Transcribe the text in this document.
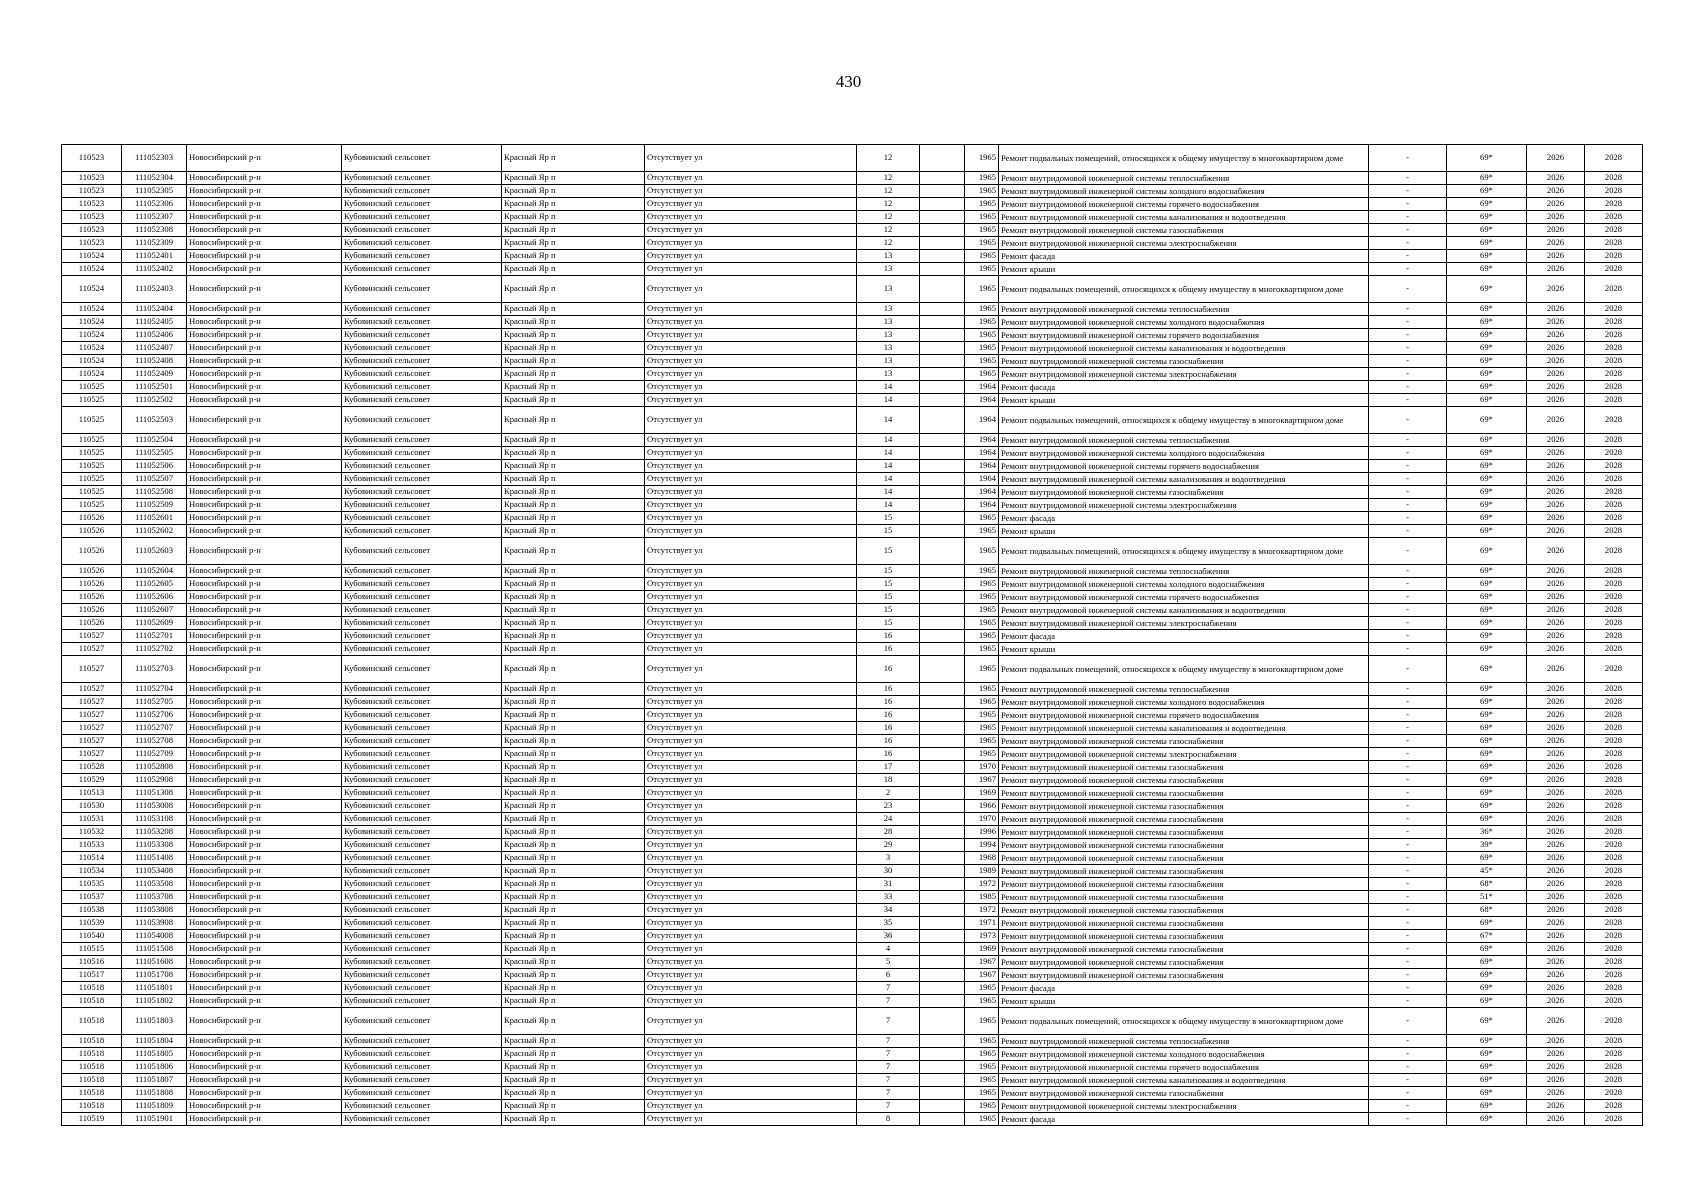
430
110523	111052303	Новосибирский р-н	Кубовинский сельсовет	Красный Яр п	Отсутствует ул	12		1965	Ремонт подвальных помещений, относящихся к общему имуществу в многоквартирном доме	-	69*	2026	2028
110523	111052304	Новосибирский р-н	Кубовинский сельсовет	Красный Яр п	Отсутствует ул	12		1965	Ремонт внутридомовой инженерной системы теплоснабжения	-	69*	2026	2028
110523	111052305	Новосибирский р-н	Кубовинский сельсовет	Красный Яр п	Отсутствует ул	12		1965	Ремонт внутридомовой инженерной системы холодного водоснабжения	-	69*	2026	2028
110523	111052306	Новосибирский р-н	Кубовинский сельсовет	Красный Яр п	Отсутствует ул	12		1965	Ремонт внутридомовой инженерной системы горячего водоснабжения	-	69*	2026	2028
110523	111052307	Новосибирский р-н	Кубовинский сельсовет	Красный Яр п	Отсутствует ул	12		1965	Ремонт внутридомовой инженерной системы канализования и водоотведения	-	69*	2026	2028
110523	111052308	Новосибирский р-н	Кубовинский сельсовет	Красный Яр п	Отсутствует ул	12		1965	Ремонт внутридомовой инженерной системы газоснабжения	-	69*	2026	2028
110523	111052309	Новосибирский р-н	Кубовинский сельсовет	Красный Яр п	Отсутствует ул	12		1965	Ремонт внутридомовой инженерной системы электроснабжения	-	69*	2026	2028
110524	111052401	Новосибирский р-н	Кубовинский сельсовет	Красный Яр п	Отсутствует ул	13		1965	Ремонт фасада	-	69*	2026	2028
110524	111052402	Новосибирский р-н	Кубовинский сельсовет	Красный Яр п	Отсутствует ул	13		1965	Ремонт крыши	-	69*	2026	2028
110524	111052403	Новосибирский р-н	Кубовинский сельсовет	Красный Яр п	Отсутствует ул	13		1965	Ремонт подвальных помещений, относящихся к общему имуществу в многоквартирном доме	-	69*	2026	2028
110524	111052404	Новосибирский р-н	Кубовинский сельсовет	Красный Яр п	Отсутствует ул	13		1965	Ремонт внутридомовой инженерной системы теплоснабжения	-	69*	2026	2028
110524	111052405	Новосибирский р-н	Кубовинский сельсовет	Красный Яр п	Отсутствует ул	13		1965	Ремонт внутридомовой инженерной системы холодного водоснабжения	-	69*	2026	2028
110524	111052406	Новосибирский р-н	Кубовинский сельсовет	Красный Яр п	Отсутствует ул	13		1965	Ремонт внутридомовой инженерной системы горячего водоснабжения	-	69*	2026	2028
110524	111052407	Новосибирский р-н	Кубовинский сельсовет	Красный Яр п	Отсутствует ул	13		1965	Ремонт внутридомовой инженерной системы канализования и водоотведения	-	69*	2026	2028
110524	111052408	Новосибирский р-н	Кубовинский сельсовет	Красный Яр п	Отсутствует ул	13		1965	Ремонт внутридомовой инженерной системы газоснабжения	-	69*	2026	2028
110524	111052409	Новосибирский р-н	Кубовинский сельсовет	Красный Яр п	Отсутствует ул	13		1965	Ремонт внутридомовой инженерной системы электроснабжения	-	69*	2026	2028
110525	111052501	Новосибирский р-н	Кубовинский сельсовет	Красный Яр п	Отсутствует ул	14		1964	Ремонт фасада	-	69*	2026	2028
110525	111052502	Новосибирский р-н	Кубовинский сельсовет	Красный Яр п	Отсутствует ул	14		1964	Ремонт крыши	-	69*	2026	2028
110525	111052503	Новосибирский р-н	Кубовинский сельсовет	Красный Яр п	Отсутствует ул	14		1964	Ремонт подвальных помещений, относящихся к общему имуществу в многоквартирном доме	-	69*	2026	2028
110525	111052504	Новосибирский р-н	Кубовинский сельсовет	Красный Яр п	Отсутствует ул	14		1964	Ремонт внутридомовой инженерной системы теплоснабжения	-	69*	2026	2028
110525	111052505	Новосибирский р-н	Кубовинский сельсовет	Красный Яр п	Отсутствует ул	14		1964	Ремонт внутридомовой инженерной системы холодного водоснабжения	-	69*	2026	2028
110525	111052506	Новосибирский р-н	Кубовинский сельсовет	Красный Яр п	Отсутствует ул	14		1964	Ремонт внутридомовой инженерной системы горячего водоснабжения	-	69*	2026	2028
110525	111052507	Новосибирский р-н	Кубовинский сельсовет	Красный Яр п	Отсутствует ул	14		1964	Ремонт внутридомовой инженерной системы канализования и водоотведения	-	69*	2026	2028
110525	111052508	Новосибирский р-н	Кубовинский сельсовет	Красный Яр п	Отсутствует ул	14		1964	Ремонт внутридомовой инженерной системы газоснабжения	-	69*	2026	2028
110525	111052509	Новосибирский р-н	Кубовинский сельсовет	Красный Яр п	Отсутствует ул	14		1964	Ремонт внутридомовой инженерной системы электроснабжения	-	69*	2026	2028
110526	111052601	Новосибирский р-н	Кубовинский сельсовет	Красный Яр п	Отсутствует ул	15		1965	Ремонт фасада	-	69*	2026	2028
110526	111052602	Новосибирский р-н	Кубовинский сельсовет	Красный Яр п	Отсутствует ул	15		1965	Ремонт крыши	-	69*	2026	2028
110526	111052603	Новосибирский р-н	Кубовинский сельсовет	Красный Яр п	Отсутствует ул	15		1965	Ремонт подвальных помещений, относящихся к общему имуществу в многоквартирном доме	-	69*	2026	2028
110526	111052604	Новосибирский р-н	Кубовинский сельсовет	Красный Яр п	Отсутствует ул	15		1965	Ремонт внутридомовой инженерной системы теплоснабжения	-	69*	2026	2028
110526	111052605	Новосибирский р-н	Кубовинский сельсовет	Красный Яр п	Отсутствует ул	15		1965	Ремонт внутридомовой инженерной системы холодного водоснабжения	-	69*	2026	2028
110526	111052606	Новосибирский р-н	Кубовинский сельсовет	Красный Яр п	Отсутствует ул	15		1965	Ремонт внутридомовой инженерной системы горячего водоснабжения	-	69*	2026	2028
110526	111052607	Новосибирский р-н	Кубовинский сельсовет	Красный Яр п	Отсутствует ул	15		1965	Ремонт внутридомовой инженерной системы канализования и водоотведения	-	69*	2026	2028
110526	111052609	Новосибирский р-н	Кубовинский сельсовет	Красный Яр п	Отсутствует ул	15		1965	Ремонт внутридомовой инженерной системы электроснабжения	-	69*	2026	2028
110527	111052701	Новосибирский р-н	Кубовинский сельсовет	Красный Яр п	Отсутствует ул	16		1965	Ремонт фасада	-	69*	2026	2028
110527	111052702	Новосибирский р-н	Кубовинский сельсовет	Красный Яр п	Отсутствует ул	16		1965	Ремонт крыши	-	69*	2026	2028
110527	111052703	Новосибирский р-н	Кубовинский сельсовет	Красный Яр п	Отсутствует ул	16		1965	Ремонт подвальных помещений, относящихся к общему имуществу в многоквартирном доме	-	69*	2026	2028
110527	111052704	Новосибирский р-н	Кубовинский сельсовет	Красный Яр п	Отсутствует ул	16		1965	Ремонт внутридомовой инженерной системы теплоснабжения	-	69*	2026	2028
110527	111052705	Новосибирский р-н	Кубовинский сельсовет	Красный Яр п	Отсутствует ул	16		1965	Ремонт внутридомовой инженерной системы холодного водоснабжения	-	69*	2026	2028
110527	111052706	Новосибирский р-н	Кубовинский сельсовет	Красный Яр п	Отсутствует ул	16		1965	Ремонт внутридомовой инженерной системы горячего водоснабжения	-	69*	2026	2028
110527	111052707	Новосибирский р-н	Кубовинский сельсовет	Красный Яр п	Отсутствует ул	16		1965	Ремонт внутридомовой инженерной системы канализования и водоотведения	-	69*	2026	2028
110527	111052708	Новосибирский р-н	Кубовинский сельсовет	Красный Яр п	Отсутствует ул	16		1965	Ремонт внутридомовой инженерной системы газоснабжения	-	69*	2026	2028
110527	111052709	Новосибирский р-н	Кубовинский сельсовет	Красный Яр п	Отсутствует ул	16		1965	Ремонт внутридомовой инженерной системы электроснабжения	-	69*	2026	2028
110528	111052808	Новосибирский р-н	Кубовинский сельсовет	Красный Яр п	Отсутствует ул	17		1970	Ремонт внутридомовой инженерной системы газоснабжения	-	69*	2026	2028
110529	111052908	Новосибирский р-н	Кубовинский сельсовет	Красный Яр п	Отсутствует ул	18		1967	Ремонт внутридомовой инженерной системы газоснабжения	-	69*	2026	2028
110513	111051308	Новосибирский р-н	Кубовинский сельсовет	Красный Яр п	Отсутствует ул	2		1969	Ремонт внутридомовой инженерной системы газоснабжения	-	69*	2026	2028
110530	111053008	Новосибирский р-н	Кубовинский сельсовет	Красный Яр п	Отсутствует ул	23		1966	Ремонт внутридомовой инженерной системы газоснабжения	-	69*	2026	2028
110531	111053108	Новосибирский р-н	Кубовинский сельсовет	Красный Яр п	Отсутствует ул	24		1970	Ремонт внутридомовой инженерной системы газоснабжения	-	69*	2026	2028
110532	111053208	Новосибирский р-н	Кубовинский сельсовет	Красный Яр п	Отсутствует ул	28		1996	Ремонт внутридомовой инженерной системы газоснабжения	-	36*	2026	2028
110533	111053308	Новосибирский р-н	Кубовинский сельсовет	Красный Яр п	Отсутствует ул	29		1994	Ремонт внутридомовой инженерной системы газоснабжения	-	39*	2026	2028
110514	111051408	Новосибирский р-н	Кубовинский сельсовет	Красный Яр п	Отсутствует ул	3		1968	Ремонт внутридомовой инженерной системы газоснабжения	-	69*	2026	2028
110534	111053408	Новосибирский р-н	Кубовинский сельсовет	Красный Яр п	Отсутствует ул	30		1989	Ремонт внутридомовой инженерной системы газоснабжения	-	45*	2026	2028
110535	111053508	Новосибирский р-н	Кубовинский сельсовет	Красный Яр п	Отсутствует ул	31		1972	Ремонт внутридомовой инженерной системы газоснабжения	-	68*	2026	2028
110537	111053708	Новосибирский р-н	Кубовинский сельсовет	Красный Яр п	Отсутствует ул	33		1985	Ремонт внутридомовой инженерной системы газоснабжения	-	51*	2026	2028
110538	111053808	Новосибирский р-н	Кубовинский сельсовет	Красный Яр п	Отсутствует ул	34		1972	Ремонт внутридомовой инженерной системы газоснабжения	-	68*	2026	2028
110539	111053908	Новосибирский р-н	Кубовинский сельсовет	Красный Яр п	Отсутствует ул	35		1971	Ремонт внутридомовой инженерной системы газоснабжения	-	69*	2026	2028
110540	111054008	Новосибирский р-н	Кубовинский сельсовет	Красный Яр п	Отсутствует ул	36		1973	Ремонт внутридомовой инженерной системы газоснабжения	-	67*	2026	2028
110515	111051508	Новосибирский р-н	Кубовинский сельсовет	Красный Яр п	Отсутствует ул	4		1969	Ремонт внутридомовой инженерной системы газоснабжения	-	69*	2026	2028
110516	111051608	Новосибирский р-н	Кубовинский сельсовет	Красный Яр п	Отсутствует ул	5		1967	Ремонт внутридомовой инженерной системы газоснабжения	-	69*	2026	2028
110517	111051708	Новосибирский р-н	Кубовинский сельсовет	Красный Яр п	Отсутствует ул	6		1967	Ремонт внутридомовой инженерной системы газоснабжения	-	69*	2026	2028
110518	111051801	Новосибирский р-н	Кубовинский сельсовет	Красный Яр п	Отсутствует ул	7		1965	Ремонт фасада	-	69*	2026	2028
110518	111051802	Новосибирский р-н	Кубовинский сельсовет	Красный Яр п	Отсутствует ул	7		1965	Ремонт крыши	-	69*	2026	2028
110518	111051803	Новосибирский р-н	Кубовинский сельсовет	Красный Яр п	Отсутствует ул	7		1965	Ремонт подвальных помещений, относящихся к общему имуществу в многоквартирном доме	-	69*	2026	2028
110518	111051804	Новосибирский р-н	Кубовинский сельсовет	Красный Яр п	Отсутствует ул	7		1965	Ремонт внутридомовой инженерной системы теплоснабжения	-	69*	2026	2028
110518	111051805	Новосибирский р-н	Кубовинский сельсовет	Красный Яр п	Отсутствует ул	7		1965	Ремонт внутридомовой инженерной системы холодного водоснабжения	-	69*	2026	2028
110518	111051806	Новосибирский р-н	Кубовинский сельсовет	Красный Яр п	Отсутствует ул	7		1965	Ремонт внутридомовой инженерной системы горячего водоснабжения	-	69*	2026	2028
110518	111051807	Новосибирский р-н	Кубовинский сельсовет	Красный Яр п	Отсутствует ул	7		1965	Ремонт внутридомовой инженерной системы канализования и водоотведения	-	69*	2026	2028
110518	111051808	Новосибирский р-н	Кубовинский сельсовет	Красный Яр п	Отсутствует ул	7		1965	Ремонт внутридомовой инженерной системы газоснабжения	-	69*	2026	2028
110518	111051809	Новосибирский р-н	Кубовинский сельсовет	Красный Яр п	Отсутствует ул	7		1965	Ремонт внутридомовой инженерной системы электроснабжения	-	69*	2026	2028
110519	111051901	Новосибирский р-н	Кубовинский сельсовет	Красный Яр п	Отсутствует ул	8		1965	Ремонт фасада	-	69*	2026	2028
